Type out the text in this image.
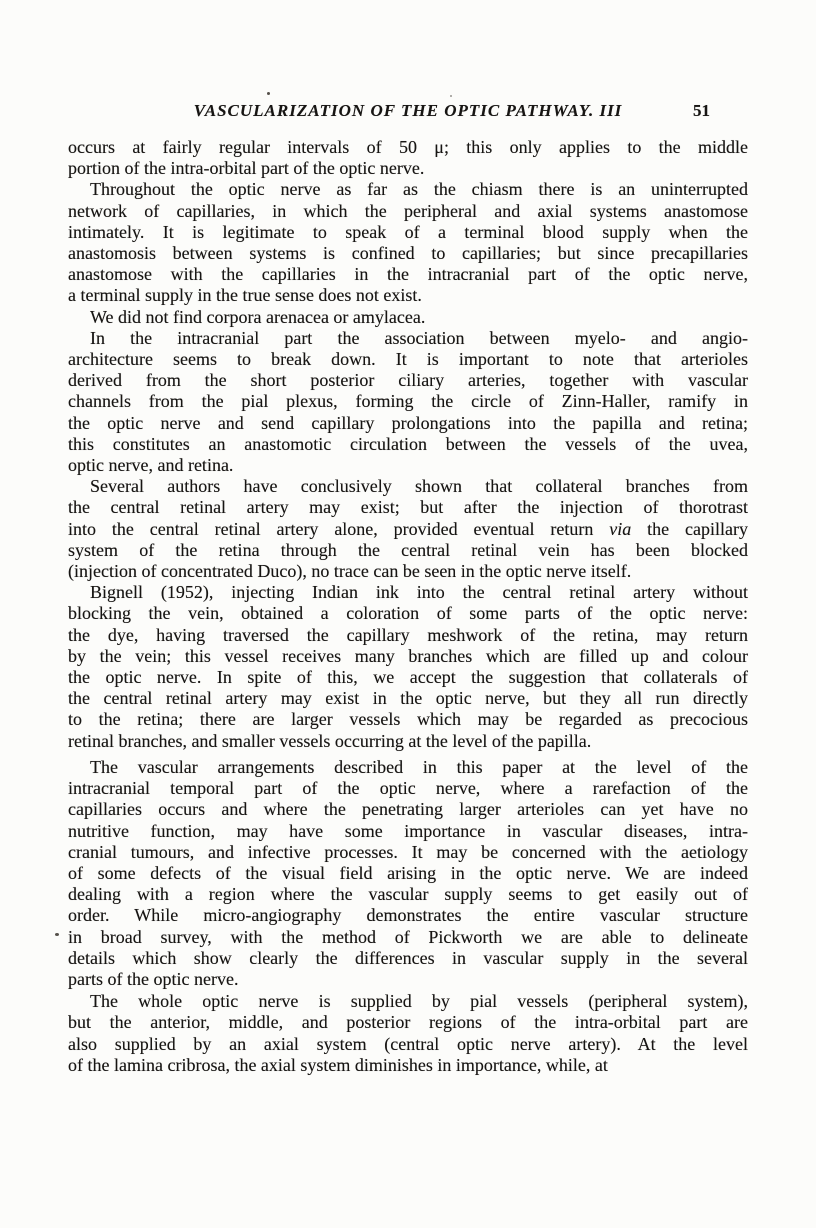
VASCULARIZATION OF THE OPTIC PATHWAY. III	51
occurs at fairly regular intervals of 50 μ; this only applies to the middle
portion of the intra-orbital part of the optic nerve.
Throughout the optic nerve as far as the chiasm there is an uninterrupted
network of capillaries, in which the peripheral and axial systems anastomose
intimately. It is legitimate to speak of a terminal blood supply when the
anastomosis between systems is confined to capillaries; but since precapillaries
anastomose with the capillaries in the intracranial part of the optic nerve,
a terminal supply in the true sense does not exist.
We did not find corpora arenacea or amylacea.
In the intracranial part the association between myelo- and angio-
architecture seems to break down. It is important to note that arterioles
derived from the short posterior ciliary arteries, together with vascular
channels from the pial plexus, forming the circle of Zinn-Haller, ramify in
the optic nerve and send capillary prolongations into the papilla and retina;
this constitutes an anastomotic circulation between the vessels of the uvea,
optic nerve, and retina.
Several authors have conclusively shown that collateral branches from
the central retinal artery may exist; but after the injection of thorotrast
into the central retinal artery alone, provided eventual return via the capillary
system of the retina through the central retinal vein has been blocked
(injection of concentrated Duco), no trace can be seen in the optic nerve itself.
Bignell (1952), injecting Indian ink into the central retinal artery without
blocking the vein, obtained a coloration of some parts of the optic nerve:
the dye, having traversed the capillary meshwork of the retina, may return
by the vein; this vessel receives many branches which are filled up and colour
the optic nerve. In spite of this, we accept the suggestion that collaterals of
the central retinal artery may exist in the optic nerve, but they all run directly
to the retina; there are larger vessels which may be regarded as precocious
retinal branches, and smaller vessels occurring at the level of the papilla.
The vascular arrangements described in this paper at the level of the
intracranial temporal part of the optic nerve, where a rarefaction of the
capillaries occurs and where the penetrating larger arterioles can yet have no
nutritive function, may have some importance in vascular diseases, intra-
cranial tumours, and infective processes. It may be concerned with the aetiology
of some defects of the visual field arising in the optic nerve. We are indeed
dealing with a region where the vascular supply seems to get easily out of
order. While micro-angiography demonstrates the entire vascular structure
in broad survey, with the method of Pickworth we are able to delineate
details which show clearly the differences in vascular supply in the several
parts of the optic nerve.
The whole optic nerve is supplied by pial vessels (peripheral system),
but the anterior, middle, and posterior regions of the intra-orbital part are
also supplied by an axial system (central optic nerve artery). At the level
of the lamina cribrosa, the axial system diminishes in importance, while, at
